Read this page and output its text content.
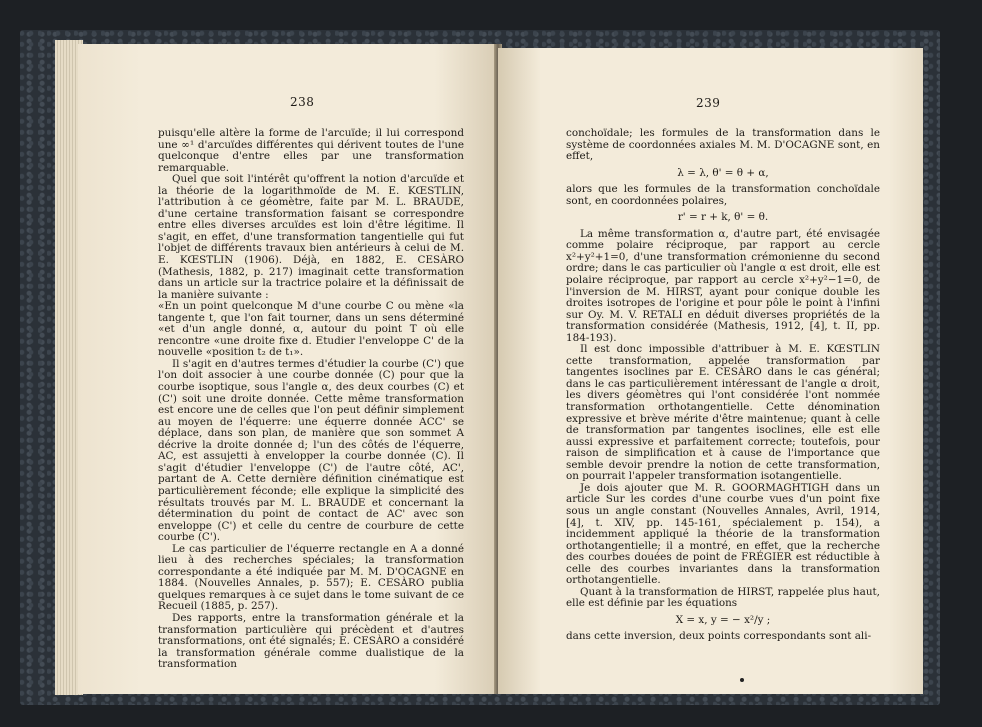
238

puisqu'elle altère la forme de l'arcuïde; il lui correspond une ∞¹ d'arcuïdes différentes qui dérivent toutes de l'une quelconque d'entre elles par une transformation remarquable.

Quel que soit l'intérêt qu'offrent la notion d'arcuïde et la théorie de la logarithmoïde de M. E. KŒSTLIN, l'attribution à ce géomètre, faite par M. L. BRAUDE, d'une certaine transformation faisant se correspondre entre elles diverses arcuïdes est loin d'être légitime. Il s'agit, en effet, d'une transformation tangentielle qui fut l'objet de différents travaux bien antérieurs à celui de M. E. KŒSTLIN (1906). Déjà, en 1882, E. CESÀRO (Mathesis, 1882, p. 217) imaginait cette transformation dans un article sur la tractrice polaire et la définissait de la manière suivante :

«En un point quelconque M d'une courbe C ou mène «la tangente t, que l'on fait tourner, dans un sens déterminé «et d'un angle donné, α, autour du point T où elle rencontre «une droite fixe d. Etudier l'enveloppe C' de la nouvelle «position t₂ de t₁».

Il s'agit en d'autres termes d'étudier la courbe (C') que l'on doit associer à une courbe donnée (C) pour que la courbe isoptique, sous l'angle α, des deux courbes (C) et (C') soit une droite donnée. Cette même transformation est encore une de celles que l'on peut définir simplement au moyen de l'équerre: une équerre donnée ACC' se déplace, dans son plan, de manière que son sommet A décrive la droite donnée d; l'un des côtés de l'équerre, AC, est assujetti à envelopper la courbe donnée (C). Il s'agit d'étudier l'enveloppe (C') de l'autre côté, AC', partant de A. Cette dernière définition cinématique est particulièrement féconde; elle explique la simplicité des résultats trouvés par M. L. BRAUDE et concernant la détermination du point de contact de AC' avec son enveloppe (C') et celle du centre de courbure de cette courbe (C').

Le cas particulier de l'équerre rectangle en A a donné lieu à des recherches spéciales; la transformation correspondante a été indiquée par M. M. D'OCAGNE en 1884. (Nouvelles Annales, p. 557); E. CESÀRO publia quelques remarques à ce sujet dans le tome suivant de ce Recueil (1885, p. 257).

Des rapports, entre la transformation générale et la transformation particulière qui précèdent et d'autres transformations, ont été signalés; E. CESÀRO a considéré la transformation générale comme dualistique de la transformation

239

conchoïdale; les formules de la transformation dans le système de coordonnées axiales M. M. D'OCAGNE sont, en effet,

λ = λ, θ' = θ + α,

alors que les formules de la transformation conchoïdale sont, en coordonnées polaires,

r' = r + k, θ' = θ.

La même transformation α, d'autre part, été envisagée comme polaire réciproque, par rapport au cercle x²+y²+1=0, d'une transformation crémonienne du second ordre; dans le cas particulier où l'angle α est droit, elle est polaire réciproque, par rapport au cercle x²+y²−1=0, de l'inversion de M. HIRST, ayant pour conique double les droites isotropes de l'origine et pour pôle le point à l'infini sur Oy. M. V. RETALI en déduit diverses propriétés de la transformation considérée (Mathesis, 1912, [4], t. II, pp. 184-193).

Il est donc impossible d'attribuer à M. E. KŒSTLIN cette transformation, appelée transformation par tangentes isoclines par E. CESÀRO dans le cas général; dans le cas particulièrement intéressant de l'angle α droit, les divers géomètres qui l'ont considérée l'ont nommée transformation orthotangentielle. Cette dénomination expressive et brève mérite d'être maintenue; quant à celle de transformation par tangentes isoclines, elle est elle aussi expressive et parfaitement correcte; toutefois, pour raison de simplification et à cause de l'importance que semble devoir prendre la notion de cette transformation, on pourrait l'appeler transformation isotangentielle.

Je dois ajouter que M. R. GOORMAGHTIGH dans un article Sur les cordes d'une courbe vues d'un point fixe sous un angle constant (Nouvelles Annales, Avril, 1914, [4], t. XIV, pp. 145-161, spécialement p. 154), a incidemment appliqué la théorie de la transformation orthotangentielle; il a montré, en effet, que la recherche des courbes douées de point de FRÉGIER est réductible à celle des courbes invariantes dans la transformation orthotangentielle.

Quant à la transformation de HIRST, rappelée plus haut, elle est définie par les équations

X = x, y = − x²/y ;

dans cette inversion, deux points correspondants sont ali-
